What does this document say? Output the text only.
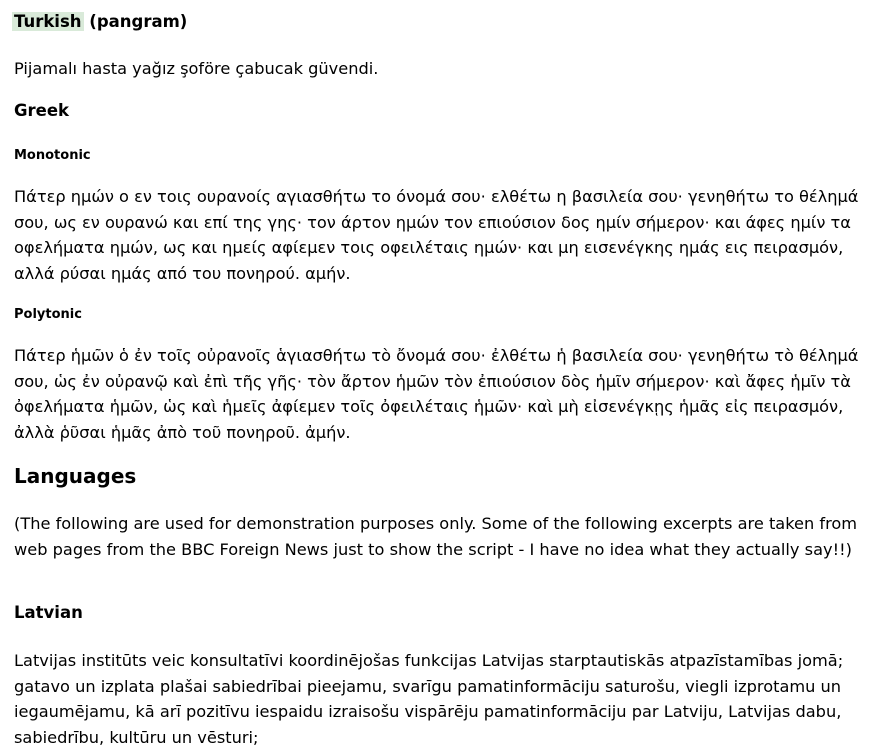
Turkish (pangram)

Pijamalı hasta yağız şoföre çabucak güvendi.

Greek
Monotonic

Πάτερ ημών ο εν τοις ουρανοίς αγιασθήτω το όνομά σου· ελθέτω η βασιλεία σου· γενηθήτω το θέλημά σου, ως εν ουρανώ και επί της γης· τον άρτον ημών τον επιούσιον δος ημίν σήμερον· και άφες ημίν τα οφελήματα ημών, ως και ημείς αφίεμεν τοις οφειλέταις ημών· και μη εισενέγκης ημάς εις πειρασμόν, αλλά ρύσαι ημάς από του πονηρού. αμήν.

Polytonic

Πάτερ ἡμῶν ὁ ἐν τοῖς οὐρανοῖς ἁγιασθήτω τὸ ὄνομά σου· ἐλθέτω ἡ βασιλεία σου· γενηθήτω τὸ θέλημά σου, ὡς ἐν οὐρανῷ καὶ ἐπὶ τῆς γῆς· τὸν ἄρτον ἡμῶν τὸν ἐπιούσιον δὸς ἡμῖν σήμερον· καὶ ἄφες ἡμῖν τὰ ὀφελήματα ἡμῶν, ὡς καὶ ἡμεῖς ἀφίεμεν τοῖς ὀφειλέταις ἡμῶν· καὶ μὴ εἰσενέγκῃς ἡμᾶς εἰς πειρασμόν, ἀλλὰ ῥῦσαι ἡμᾶς ἀπὸ τοῦ πονηροῦ. ἀμήν.

Languages

(The following are used for demonstration purposes only. Some of the following excerpts are taken from web pages from the BBC Foreign News just to show the script - I have no idea what they actually say!!)

Latvian

Latvijas institūts veic konsultatīvi koordinējošas funkcijas Latvijas starptautiskās atpazīstamības jomā; gatavo un izplata plašai sabiedrībai pieejamu, svarīgu pamatinformāciju saturošu, viegli izprotamu un iegaumējamu, kā arī pozitīvu iespaidu izraisošu vispārēju pamatinformāciju par Latviju, Latvijas dabu, sabiedrību, kultūru un vēsturi;
